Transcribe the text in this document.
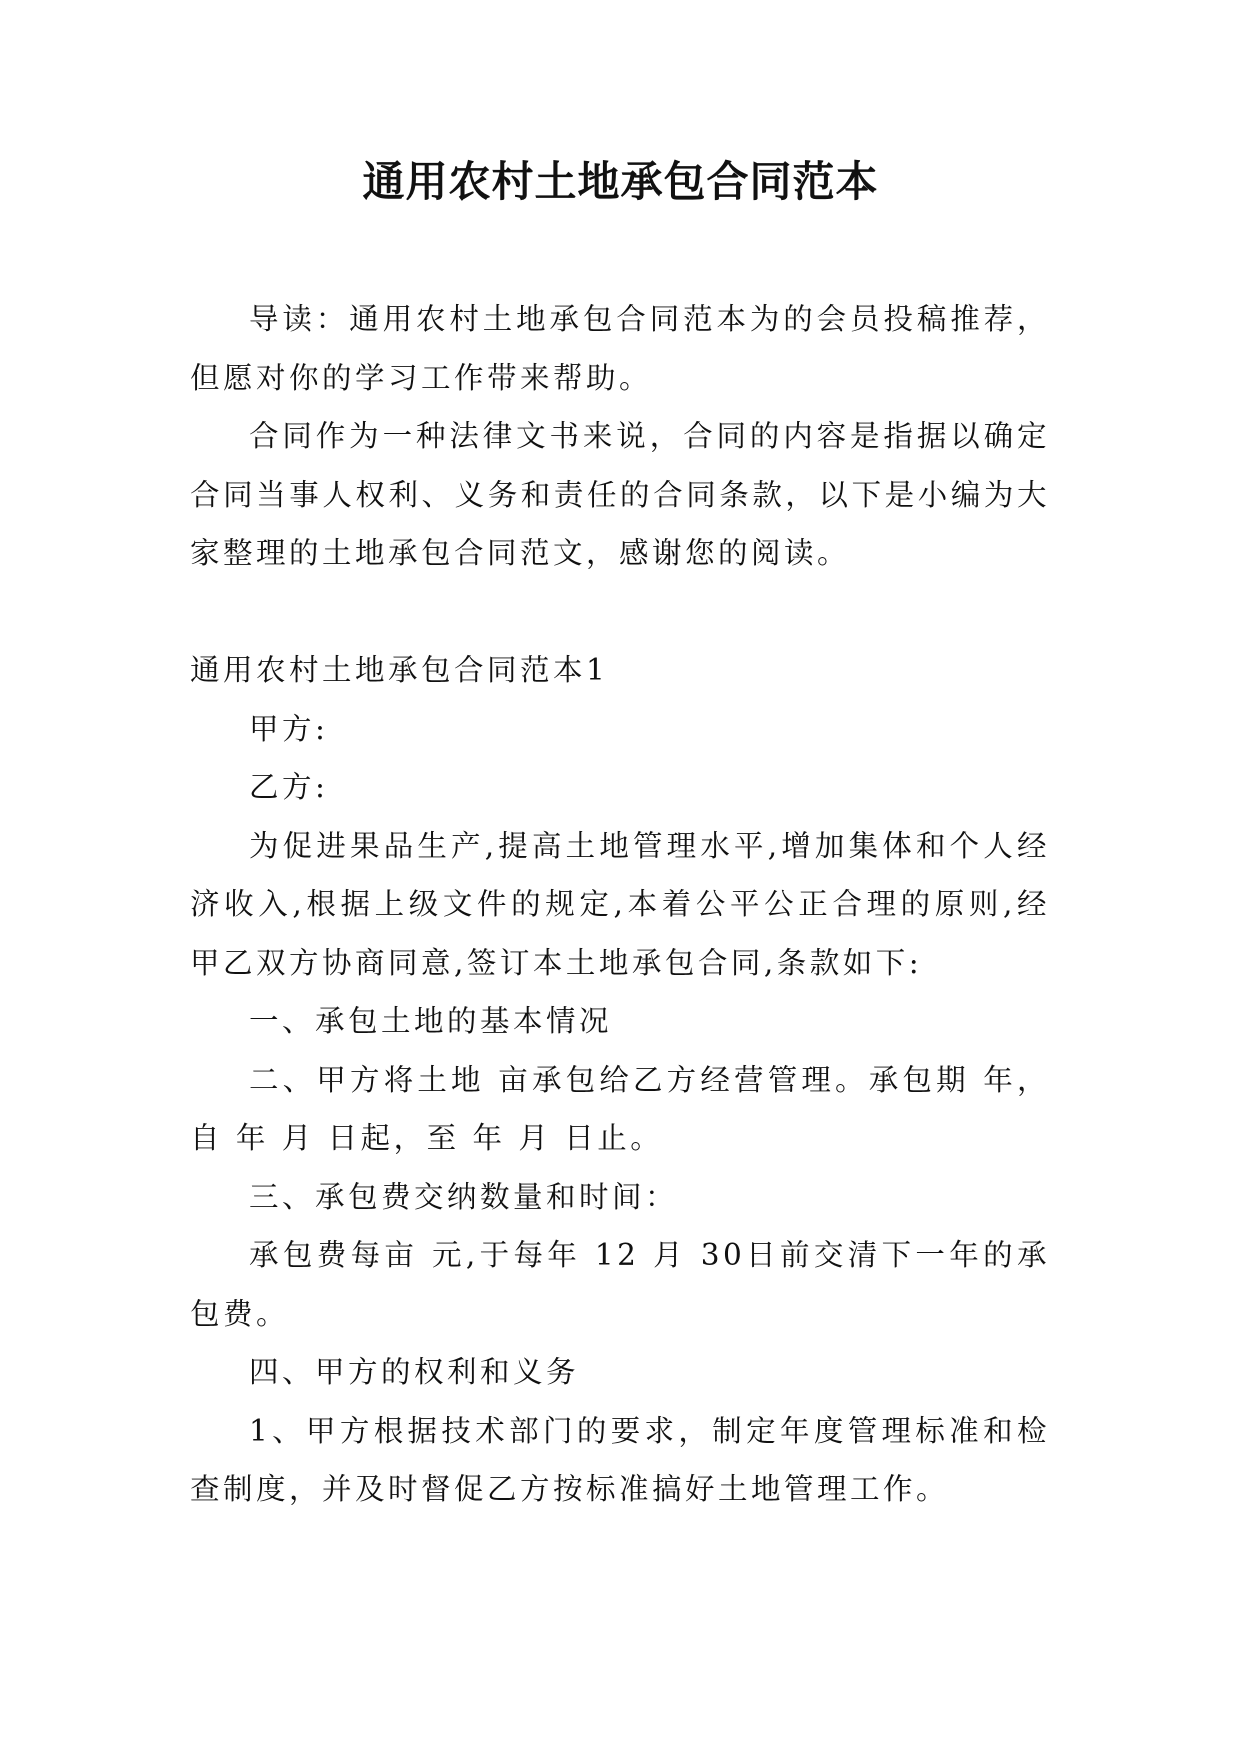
通用农村土地承包合同范本

导读：通用农村土地承包合同范本为的会员投稿推荐，但愿对你的学习工作带来帮助。

合同作为一种法律文书来说，合同的内容是指据以确定合同当事人权利、义务和责任的合同条款，以下是小编为大家整理的土地承包合同范文，感谢您的阅读。

通用农村土地承包合同范本1

甲方:

乙方:

为促进果品生产,提高土地管理水平,增加集体和个人经济收入,根据上级文件的规定,本着公平公正合理的原则,经甲乙双方协商同意,签订本土地承包合同,条款如下:

一、承包土地的基本情况

二、甲方将土地 亩承包给乙方经营管理。承包期 年，自 年 月 日起，至 年 月 日止。

三、承包费交纳数量和时间：

承包费每亩 元,于每年 12 月 30日前交清下一年的承包费。

四、甲方的权利和义务

1、甲方根据技术部门的要求，制定年度管理标准和检查制度，并及时督促乙方按标准搞好土地管理工作。
